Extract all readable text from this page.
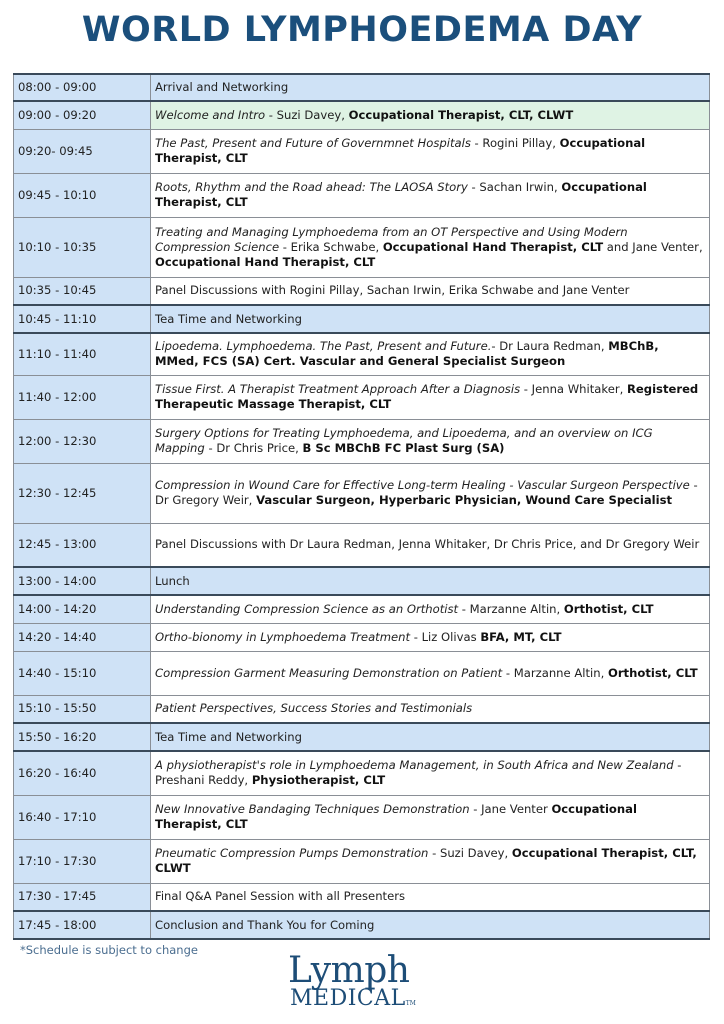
WORLD LYMPHOEDEMA DAY
08:00 - 09:00	Arrival and Networking
09:00 - 09:20	Welcome and Intro - Suzi Davey, Occupational Therapist, CLT, CLWT
09:20- 09:45	The Past, Present and Future of Governmnet Hospitals - Rogini Pillay, Occupational Therapist, CLT
09:45 - 10:10	Roots, Rhythm and the Road ahead: The LAOSA Story - Sachan Irwin, Occupational Therapist, CLT
10:10 - 10:35	Treating and Managing Lymphoedema from an OT Perspective and Using Modern Compression Science - Erika Schwabe, Occupational Hand Therapist, CLT and Jane Venter, Occupational Hand Therapist, CLT
10:35 - 10:45	Panel Discussions with Rogini Pillay, Sachan Irwin, Erika Schwabe and Jane Venter
10:45 - 11:10	Tea Time and Networking
11:10 - 11:40	Lipoedema. Lymphoedema. The Past, Present and Future.- Dr Laura Redman, MBChB, MMed, FCS (SA) Cert. Vascular and General Specialist Surgeon
11:40 - 12:00	Tissue First. A Therapist Treatment Approach After a Diagnosis - Jenna Whitaker, Registered Therapeutic Massage Therapist, CLT
12:00 - 12:30	Surgery Options for Treating Lymphoedema, and Lipoedema, and an overview on ICG Mapping - Dr Chris Price, B Sc MBChB FC Plast Surg (SA)
12:30 - 12:45	Compression in Wound Care for Effective Long-term Healing - Vascular Surgeon Perspective - Dr Gregory Weir, Vascular Surgeon, Hyperbaric Physician, Wound Care Specialist
12:45 - 13:00	Panel Discussions with Dr Laura Redman, Jenna Whitaker, Dr Chris Price, and Dr Gregory Weir
13:00 - 14:00	Lunch
14:00 - 14:20	Understanding Compression Science as an Orthotist - Marzanne Altin, Orthotist, CLT
14:20 - 14:40	Ortho-bionomy in Lymphoedema Treatment - Liz Olivas BFA, MT, CLT
14:40 - 15:10	Compression Garment Measuring Demonstration on Patient - Marzanne Altin, Orthotist, CLT
15:10 - 15:50	Patient Perspectives, Success Stories and Testimonials
15:50 - 16:20	Tea Time and Networking
16:20 - 16:40	A physiotherapist's role in Lymphoedema Management, in South Africa and New Zealand - Preshani Reddy, Physiotherapist, CLT
16:40 - 17:10	New Innovative Bandaging Techniques Demonstration - Jane Venter Occupational Therapist, CLT
17:10 - 17:30	Pneumatic Compression Pumps Demonstration - Suzi Davey, Occupational Therapist, CLT, CLWT
17:30 - 17:45	Final Q&A Panel Session with all Presenters
17:45 - 18:00	Conclusion and Thank You for Coming
*Schedule is subject to change	Lymph
MEDICALTM
